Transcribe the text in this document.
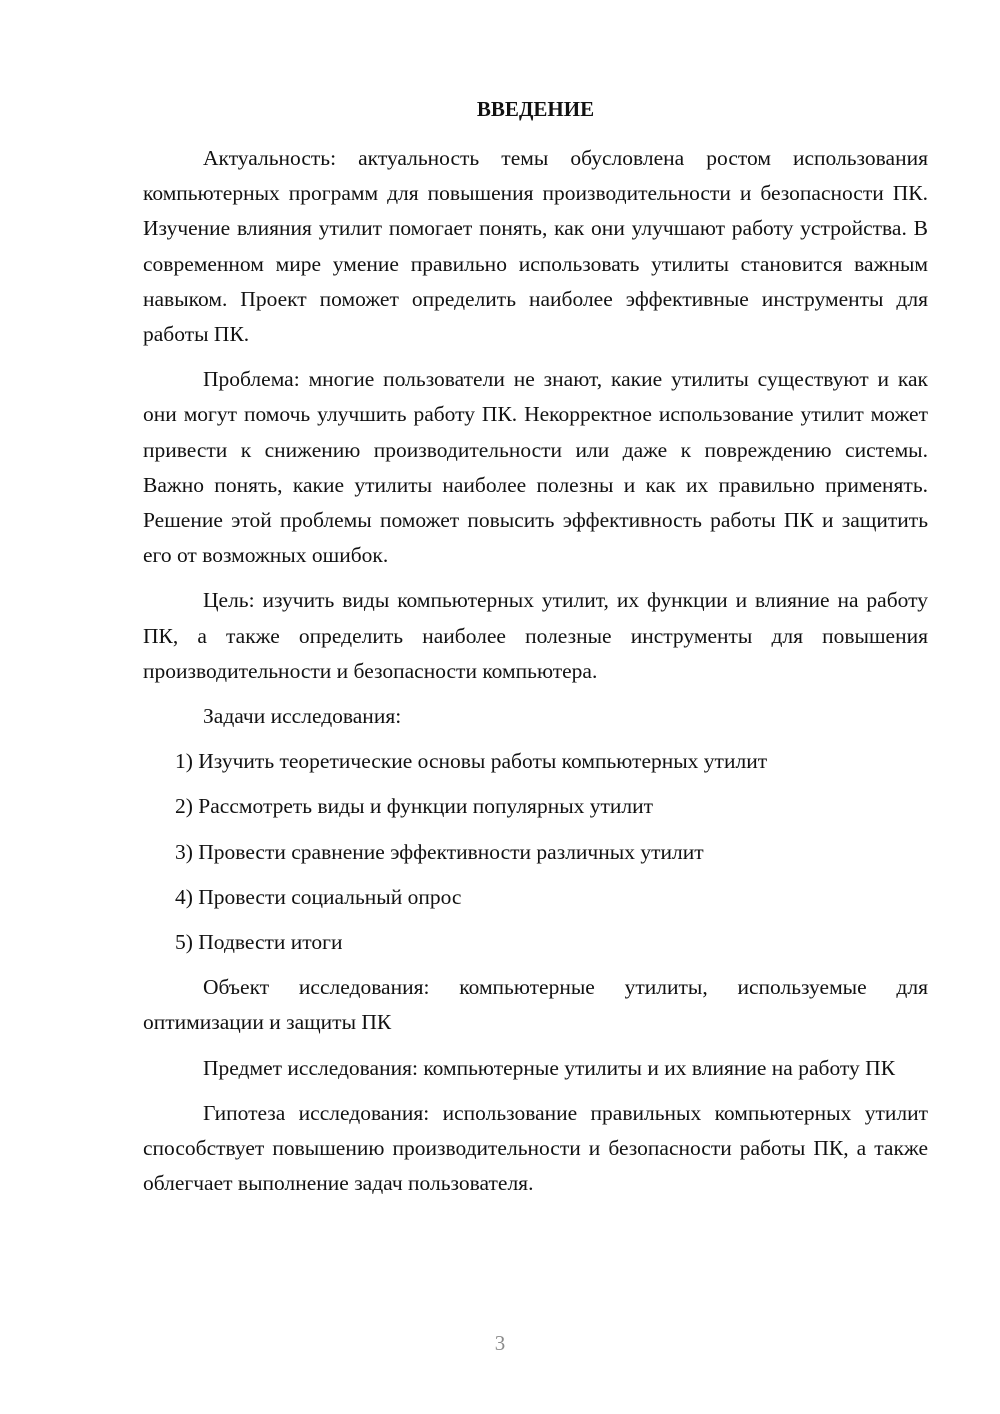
ВВЕДЕНИЕ

Актуальность: актуальность темы обусловлена ростом использования компьютерных программ для повышения производительности и безопасности ПК. Изучение влияния утилит помогает понять, как они улучшают работу устройства. В современном мире умение правильно использовать утилиты становится важным навыком. Проект поможет определить наиболее эффективные инструменты для работы ПК.

Проблема: многие пользователи не знают, какие утилиты существуют и как они могут помочь улучшить работу ПК. Некорректное использование утилит может привести к снижению производительности или даже к повреждению системы. Важно понять, какие утилиты наиболее полезны и как их правильно применять. Решение этой проблемы поможет повысить эффективность работы ПК и защитить его от возможных ошибок.

Цель: изучить виды компьютерных утилит, их функции и влияние на работу ПК, а также определить наиболее полезные инструменты для повышения производительности и безопасности компьютера.

Задачи исследования:

1) Изучить теоретические основы работы компьютерных утилит

2) Рассмотреть виды и функции популярных утилит

3) Провести сравнение эффективности различных утилит

4) Провести социальный опрос

5) Подвести итоги

Объект исследования: компьютерные утилиты, используемые для оптимизации и защиты ПК

Предмет исследования: компьютерные утилиты и их влияние на работу ПК

Гипотеза исследования: использование правильных компьютерных утилит способствует повышению производительности и безопасности работы ПК, а также облегчает выполнение задач пользователя.

3
